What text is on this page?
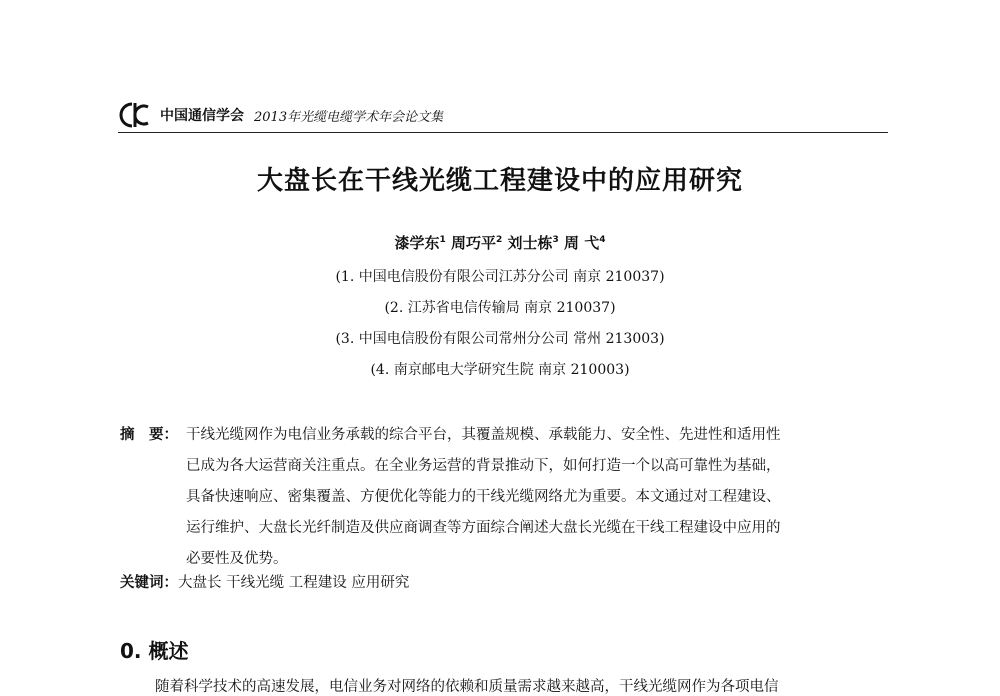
中国通信学会 2013年光缆电缆学术年会论文集
大盘长在干线光缆工程建设中的应用研究
漆学东$^1$ 周巧平$^2$ 刘士栋$^3$ 周 弋$^4$
(1. 中国电信股份有限公司江苏分公司 南京 210037)
(2. 江苏省电信传输局 南京 210037)
(3. 中国电信股份有限公司常州分公司 常州 213003)
(4. 南京邮电大学研究生院 南京 210003)
摘　要： 干线光缆网作为电信业务承载的综合平台，其覆盖规模、承载能力、安全性、先进性和适用性
已成为各大运营商关注重点。在全业务运营的背景推动下，如何打造一个以高可靠性为基础，
具备快速响应、密集覆盖、方便优化等能力的干线光缆网络尤为重要。本文通过对工程建设、
运行维护、大盘长光纤制造及供应商调查等方面综合阐述大盘长光缆在干线工程建设中应用的
必要性及优势。
关键词： 大盘长 干线光缆 工程建设 应用研究
0. 概述
随着科学技术的高速发展，电信业务对网络的依赖和质量需求越来越高，干线光缆网作为各项电信
